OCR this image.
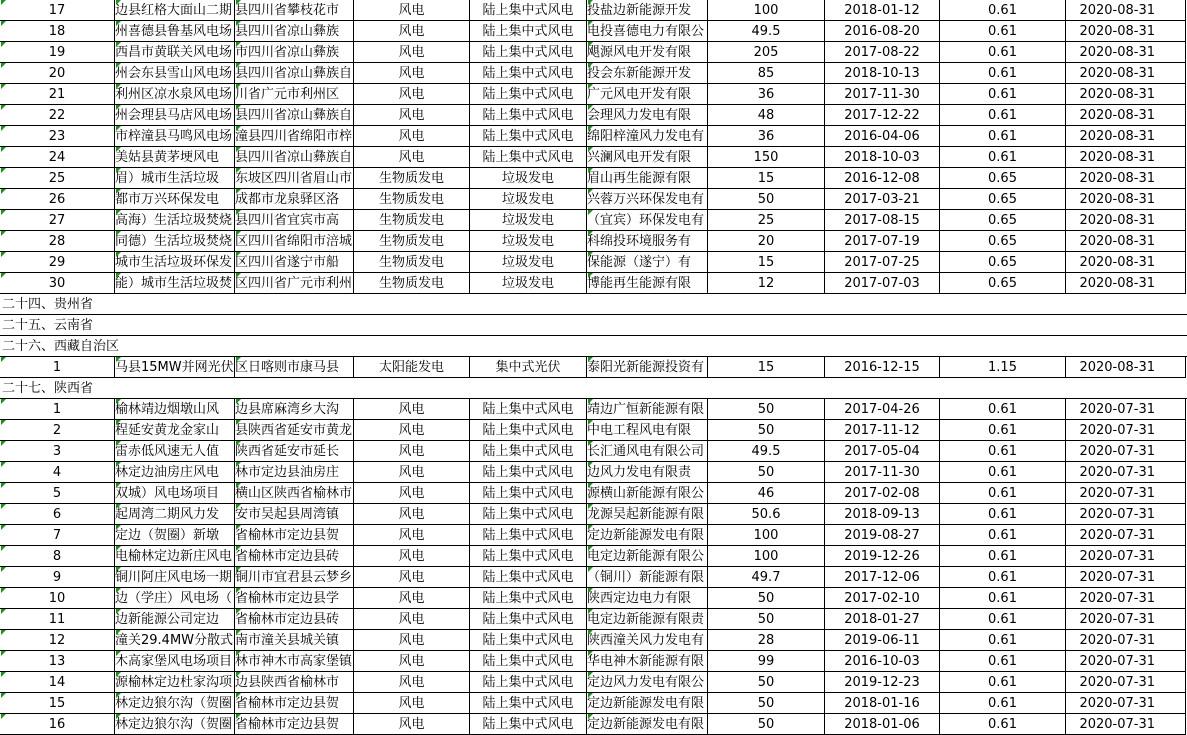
17	边县红格大面山二期 县四川省攀枝花市	风电	陆上集中式风电	投盐边新能源开发	100	2018-01-12	0.61	2020-08-31
18	州喜德县鲁基风电场 县四川省凉山彝族	风电	陆上集中式风电	电投喜德电力有限公	49.5	2016-08-20	0.61	2020-08-31
19	西昌市黄联关风电场 市四川省凉山彝族	风电	陆上集中式风电	飓源风电开发有限	205	2017-08-22	0.61	2020-08-31
20	州会东县雪山风电场 县四川省凉山彝族自	风电	陆上集中式风电	投会东新能源开发	85	2018-10-13	0.61	2020-08-31
21	利州区凉水泉风电场 川省广元市利州区	风电	陆上集中式风电	广元风电开发有限	36	2017-11-30	0.61	2020-08-31
22	州会理县马店风电场 县四川省凉山彝族自	风电	陆上集中式风电	会理风力发电有限	48	2017-12-22	0.61	2020-08-31
23	市梓潼县马鸣风电场 潼县四川省绵阳市梓	风电	陆上集中式风电	绵阳梓潼风力发电有	36	2016-04-06	0.61	2020-08-31
24	美姑县黄茅埂风电	县四川省凉山彝族自	风电	陆上集中式风电	兴澜风电开发有限	150	2018-10-03	0.61	2020-08-31
25	眉）城市生活垃圾	东坡区四川省眉山市	生物质发电	垃圾发电	眉山再生能源有限	15	2016-12-08	0.65	2020-08-31
26	都市万兴环保发电	成都市龙泉驿区洛	生物质发电	垃圾发电	兴蓉万兴环保发电有	50	2017-03-21	0.65	2020-08-31
27	高海）生活垃圾焚烧 县四川省宜宾市高	生物质发电	垃圾发电	（宜宾）环保发电有	25	2017-08-15	0.65	2020-08-31
28	同德）生活垃圾焚烧 区四川省绵阳市涪城	生物质发电	垃圾发电	科绵投环境服务有	20	2017-07-19	0.65	2020-08-31
29	城市生活垃圾环保发 区四川省遂宁市船	生物质发电	垃圾发电	保能源（遂宁）有	15	2017-07-25	0.65	2020-08-31
30	能）城市生活垃圾焚 区四川省广元市利州	生物质发电	垃圾发电	博能再生能源有限	12	2017-07-03	0.65	2020-08-31
二十四、贵州省
二十五、云南省
二十六、西藏自治区
1	马县15MW并网光伏 区日喀则市康马县	太阳能发电	集中式光伏	泰阳光新能源投资有	15	2016-12-15	1.15	2020-08-31
二十七、陕西省
1	榆林靖边烟墩山风	边县席麻湾乡大沟	风电	陆上集中式风电	靖边广恒新能源有限	50	2017-04-26	0.61	2020-07-31
2	程延安黄龙金家山	县陕西省延安市黄龙	风电	陆上集中式风电	中电工程风电有限	50	2017-11-12	0.61	2020-07-31
3	雷赤低风速无人值	陕西省延安市延长	风电	陆上集中式风电	长汇通风电有限公司	49.5	2017-05-04	0.61	2020-07-31
4	林定边油房庄风电	林市定边县油房庄	风电	陆上集中式风电	边风力发电有限责	50	2017-11-30	0.61	2020-07-31
5	双城）风电场项目	横山区陕西省榆林市	风电	陆上集中式风电	源横山新能源有限公	46	2017-02-08	0.61	2020-07-31
6	起周湾二期风力发	安市吴起县周湾镇	风电	陆上集中式风电	龙源吴起新能源有限	50.6	2018-09-13	0.61	2020-07-31
7	定边（贺圈）新墩	省榆林市定边县贺	风电	陆上集中式风电	定边新能源发电有限	100	2019-08-27	0.61	2020-07-31
8	电榆林定边新庄风电 省榆林市定边县砖	风电	陆上集中式风电	电定边新能源有限公	100	2019-12-26	0.61	2020-07-31
9	铜川阿庄风电场一期 铜川市宜君县云梦乡	风电	陆上集中式风电	（铜川）新能源有限	49.7	2017-12-06	0.61	2020-07-31
10	边（学庄）风电场（ 省榆林市定边县学	风电	陆上集中式风电	陕西定边电力有限	50	2017-02-10	0.61	2020-07-31
11	边新能源公司定边	省榆林市定边县砖	风电	陆上集中式风电	电定边新能源有限责	50	2018-01-27	0.61	2020-07-31
12	潼关29.4MW分散式 南市潼关县城关镇	风电	陆上集中式风电	陕西潼关风力发电有	28	2019-06-11	0.61	2020-07-31
13	木高家堡风电场项目 林市神木市高家堡镇	风电	陆上集中式风电	华电神木新能源有限	99	2016-10-03	0.61	2020-07-31
14	源榆林定边杜家沟项 边县陕西省榆林市	风电	陆上集中式风电	定边风力发电有限公	50	2019-12-23	0.61	2020-07-31
15	林定边狼尔沟（贺圈 省榆林市定边县贺	风电	陆上集中式风电	定边新能源发电有限	50	2018-01-16	0.61	2020-07-31
16	林定边狼尔沟（贺圈 省榆林市定边县贺	风电	陆上集中式风电	定边新能源发电有限	50	2018-01-06	0.61	2020-07-31
